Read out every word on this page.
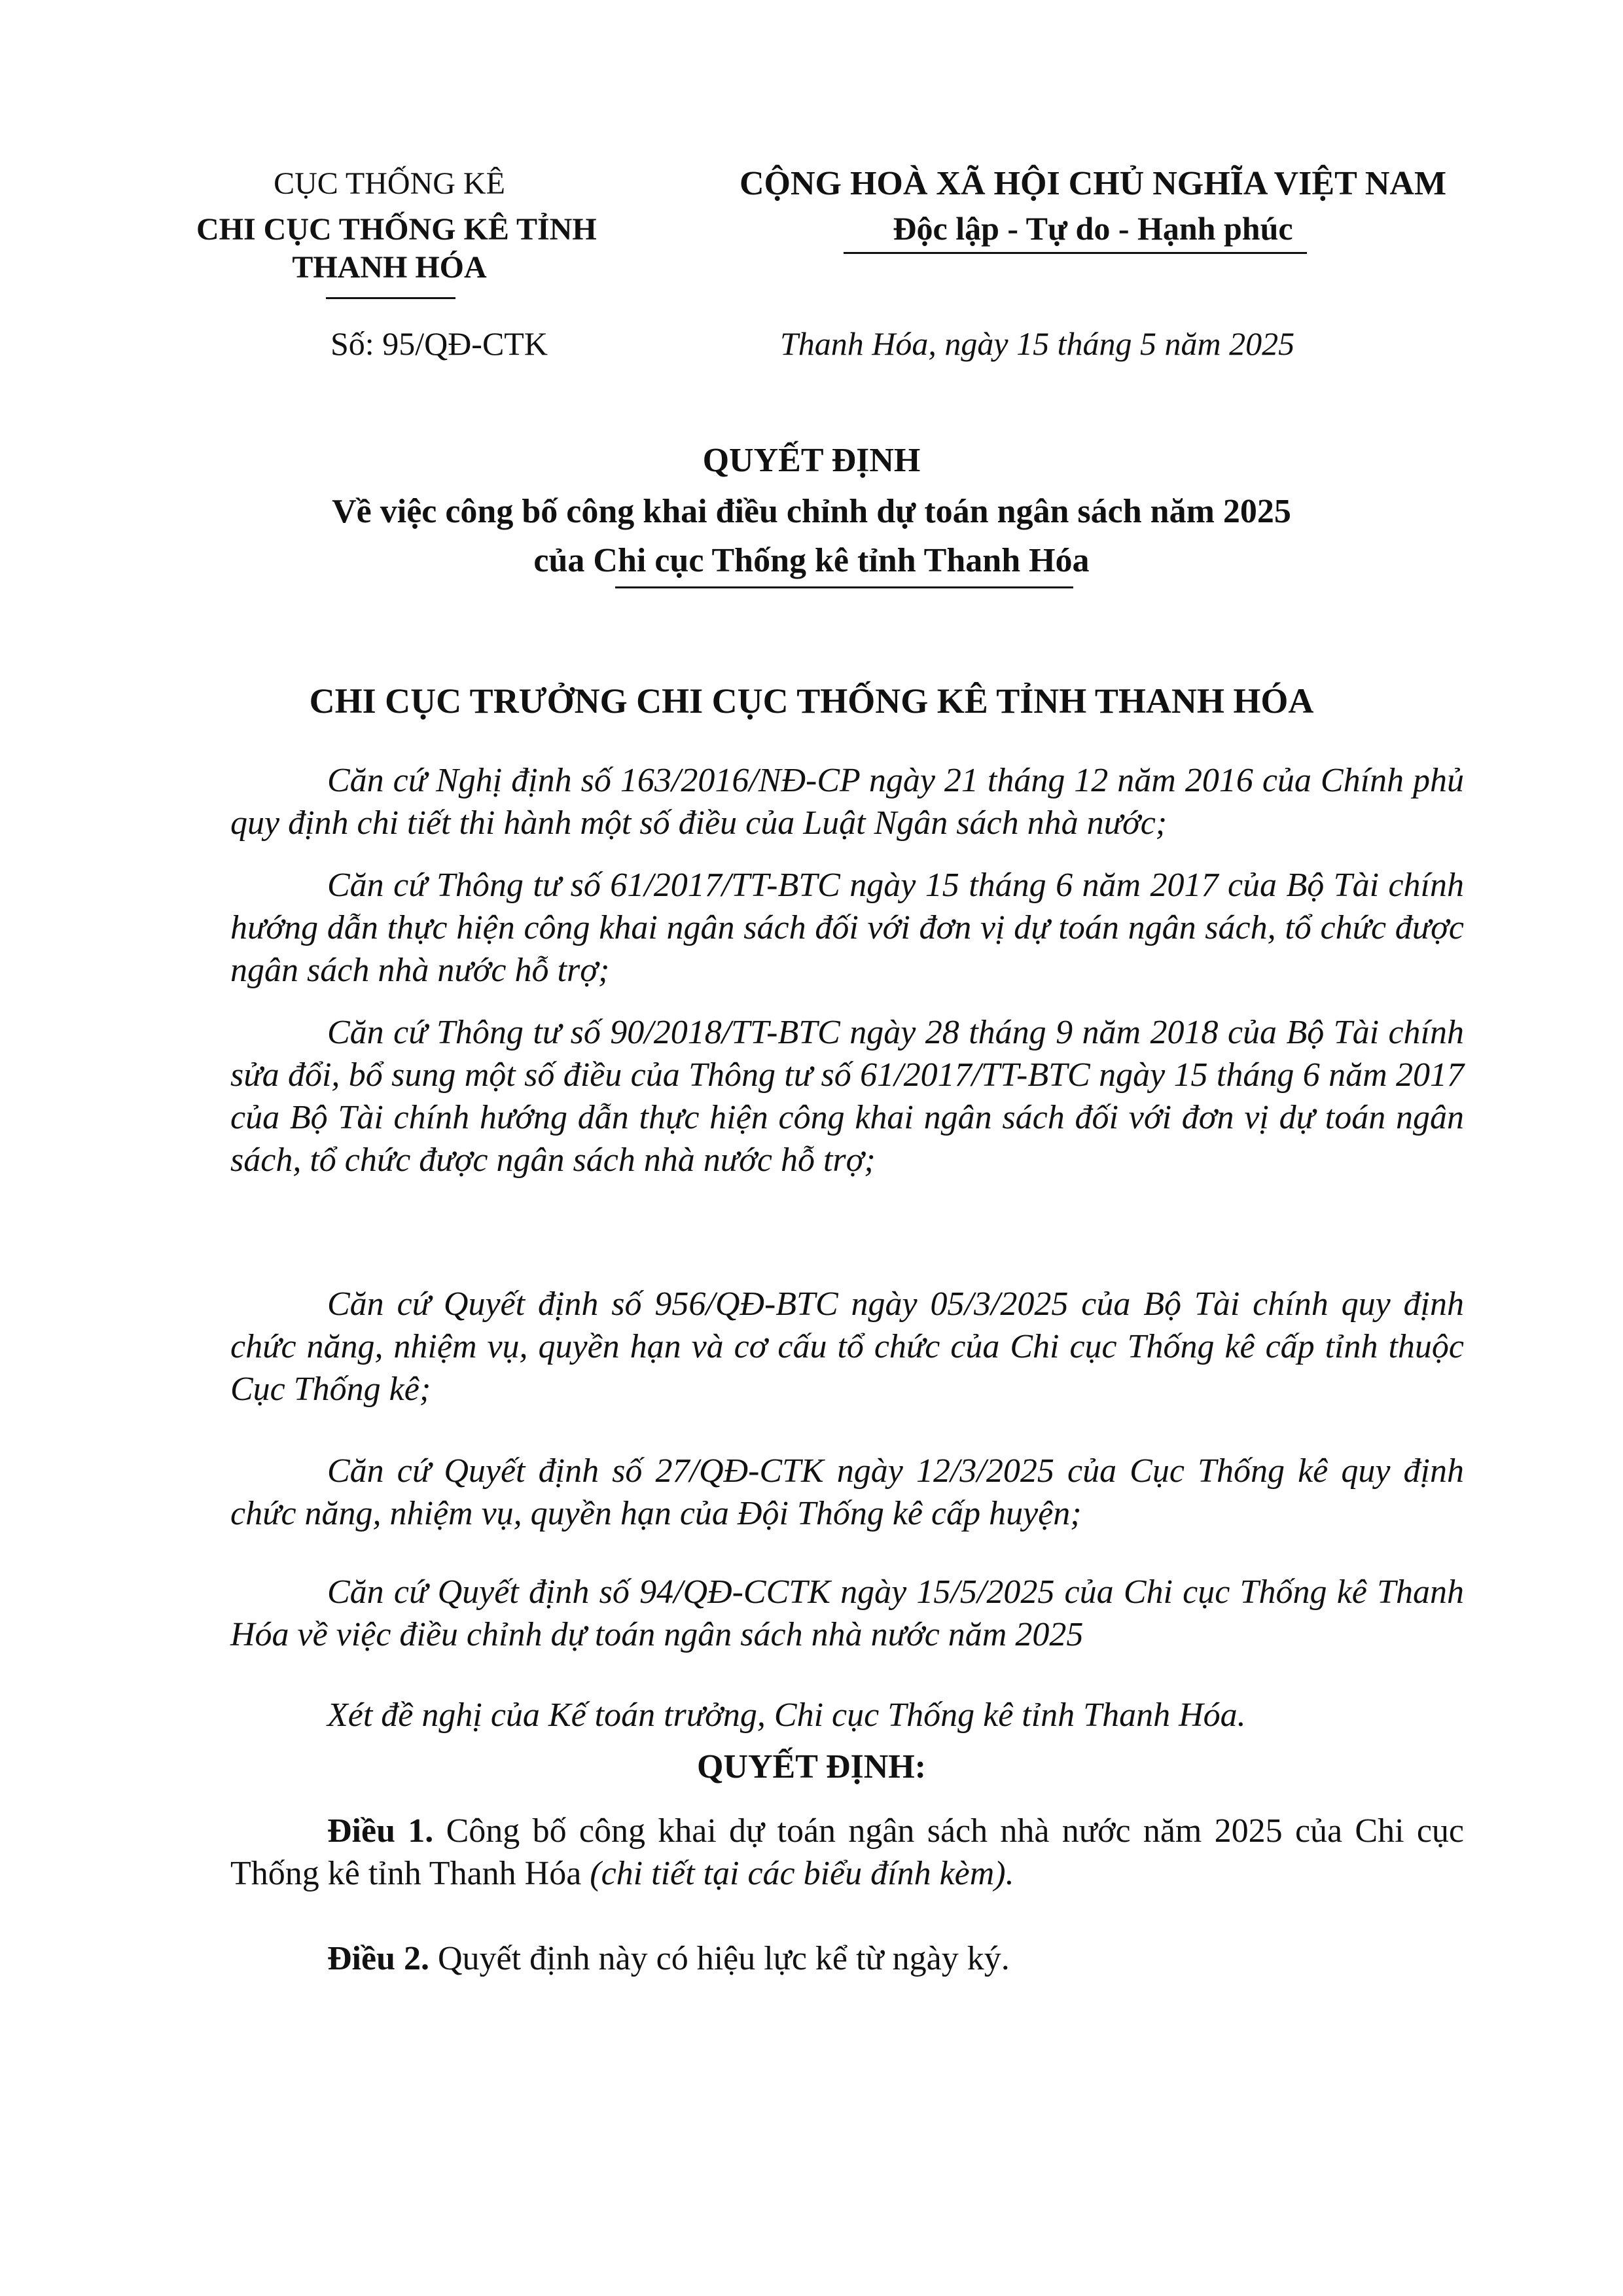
CỤC THỐNG KÊ
CHI CỤC THỐNG KÊ TỈNH
THANH HÓA
CỘNG HOÀ XÃ HỘI CHỦ NGHĨA VIỆT NAM
Độc lập - Tự do - Hạnh phúc
Số: 95/QĐ-CTK	Thanh Hóa, ngày 15 tháng 5 năm 2025
QUYẾT ĐỊNH
Về việc công bố công khai điều chỉnh dự toán ngân sách năm 2025
của Chi cục Thống kê tỉnh Thanh Hóa
CHI CỤC TRƯỞNG CHI CỤC THỐNG KÊ TỈNH THANH HÓA

Căn cứ Nghị định số 163/2016/NĐ-CP ngày 21 tháng 12 năm 2016 của Chính phủ quy định chi tiết thi hành một số điều của Luật Ngân sách nhà nước;

Căn cứ Thông tư số 61/2017/TT-BTC ngày 15 tháng 6 năm 2017 của Bộ Tài chính hướng dẫn thực hiện công khai ngân sách đối với đơn vị dự toán ngân sách, tổ chức được ngân sách nhà nước hỗ trợ;

Căn cứ Thông tư số 90/2018/TT-BTC ngày 28 tháng 9 năm 2018 của Bộ Tài chính sửa đổi, bổ sung một số điều của Thông tư số 61/2017/TT-BTC ngày 15 tháng 6 năm 2017 của Bộ Tài chính hướng dẫn thực hiện công khai ngân sách đối với đơn vị dự toán ngân sách, tổ chức được ngân sách nhà nước hỗ trợ;

Căn cứ Quyết định số 956/QĐ-BTC ngày 05/3/2025 của Bộ Tài chính quy định chức năng, nhiệm vụ, quyền hạn và cơ cấu tổ chức của Chi cục Thống kê cấp tỉnh thuộc Cục Thống kê;

Căn cứ Quyết định số 27/QĐ-CTK ngày 12/3/2025 của Cục Thống kê quy định chức năng, nhiệm vụ, quyền hạn của Đội Thống kê cấp huyện;

Căn cứ Quyết định số 94/QĐ-CCTK ngày 15/5/2025 của Chi cục Thống kê Thanh Hóa về việc điều chỉnh dự toán ngân sách nhà nước năm 2025

Xét đề nghị của Kế toán trưởng, Chi cục Thống kê tỉnh Thanh Hóa.

QUYẾT ĐỊNH:

Điều 1. Công bố công khai dự toán ngân sách nhà nước năm 2025 của Chi cục Thống kê tỉnh Thanh Hóa (chi tiết tại các biểu đính kèm).

Điều 2. Quyết định này có hiệu lực kể từ ngày ký.
